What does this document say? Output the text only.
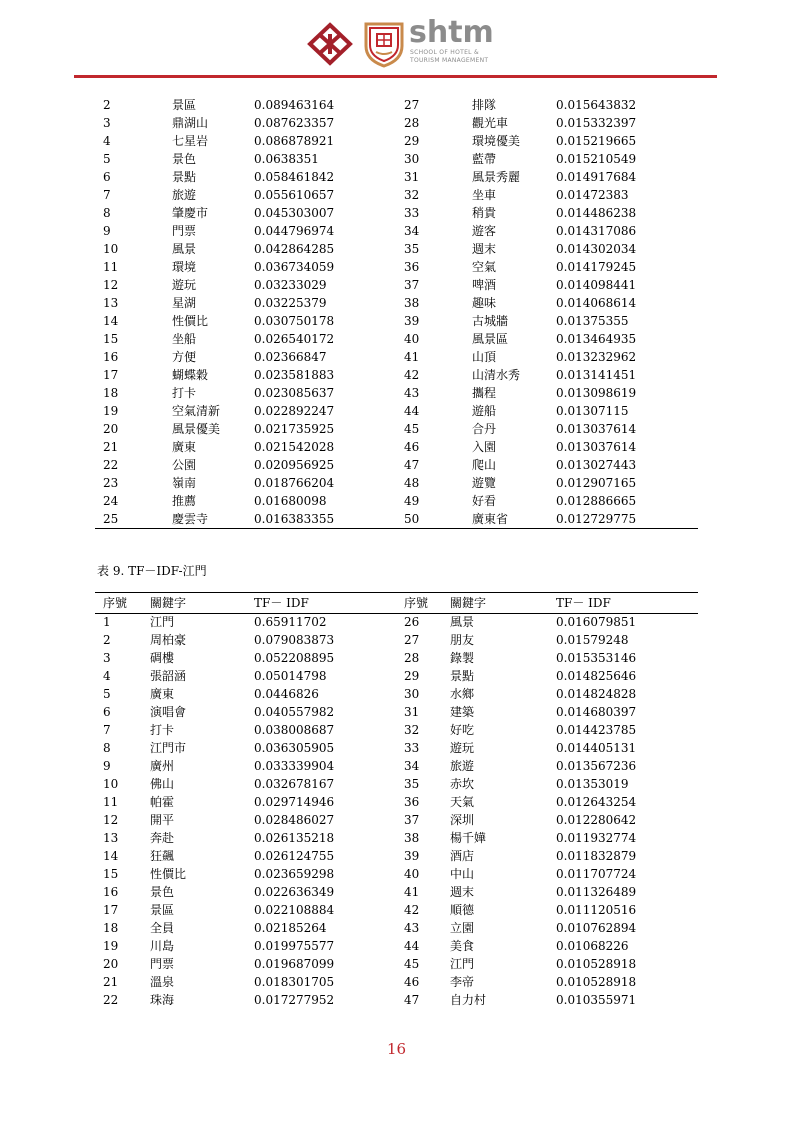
shtm
SCHOOL OF HOTEL &
TOURISM MANAGEMENT
2	景區	0.089463164	27	排隊	0.015643832
3	鼎湖山	0.087623357	28	觀光車	0.015332397
4	七星岩	0.086878921	29	環境優美	0.015219665
5	景色	0.0638351	30	藍帶	0.015210549
6	景點	0.058461842	31	風景秀麗	0.014917684
7	旅遊	0.055610657	32	坐車	0.01472383
8	肇慶市	0.045303007	33	稍貴	0.014486238
9	門票	0.044796974	34	遊客	0.014317086
10	風景	0.042864285	35	週末	0.014302034
11	環境	0.036734059	36	空氣	0.014179245
12	遊玩	0.03233029	37	啤酒	0.014098441
13	星湖	0.03225379	38	趣味	0.014068614
14	性價比	0.030750178	39	古城牆	0.01375355
15	坐船	0.026540172	40	風景區	0.013464935
16	方便	0.02366847	41	山頂	0.013232962
17	蝴蝶穀	0.023581883	42	山清水秀	0.013141451
18	打卡	0.023085637	43	攜程	0.013098619
19	空氣清新	0.022892247	44	遊船	0.01307115
20	風景優美	0.021735925	45	合丹	0.013037614
21	廣東	0.021542028	46	入園	0.013037614
22	公園	0.020956925	47	爬山	0.013027443
23	嶺南	0.018766204	48	遊覽	0.012907165
24	推薦	0.01680098	49	好看	0.012886665
25	慶雲寺	0.016383355	50	廣東省	0.012729775
表 9. TF－IDF-江門
序號 關鍵字	TF－ IDF	序號 關鍵字	TF－ IDF
1	江門	0.65911702	26	風景	0.016079851
2	周柏豪	0.079083873	27	朋友	0.01579248
3	碉樓	0.052208895	28	錄製	0.015353146
4	張韶涵	0.05014798	29	景點	0.014825646
5	廣東	0.0446826	30	水鄉	0.014824828
6	演唱會	0.040557982	31	建築	0.014680397
7	打卡	0.038008687	32	好吃	0.014423785
8	江門市	0.036305905	33	遊玩	0.014405131
9	廣州	0.033339904	34	旅遊	0.013567236
10	佛山	0.032678167	35	赤坎	0.01353019
11	帕霍	0.029714946	36	天氣	0.012643254
12	開平	0.028486027	37	深圳	0.012280642
13	奔赴	0.026135218	38	楊千嬅	0.011932774
14	狂飆	0.026124755	39	酒店	0.011832879
15	性價比	0.023659298	40	中山	0.011707724
16	景色	0.022636349	41	週末	0.011326489
17	景區	0.022108884	42	順德	0.011120516
18	全員	0.02185264	43	立園	0.010762894
19	川島	0.019975577	44	美食	0.01068226
20	門票	0.019687099	45	江門	0.010528918
21	溫泉	0.018301705	46	李帝	0.010528918
22	珠海	0.017277952	47	自力村	0.010355971
16
